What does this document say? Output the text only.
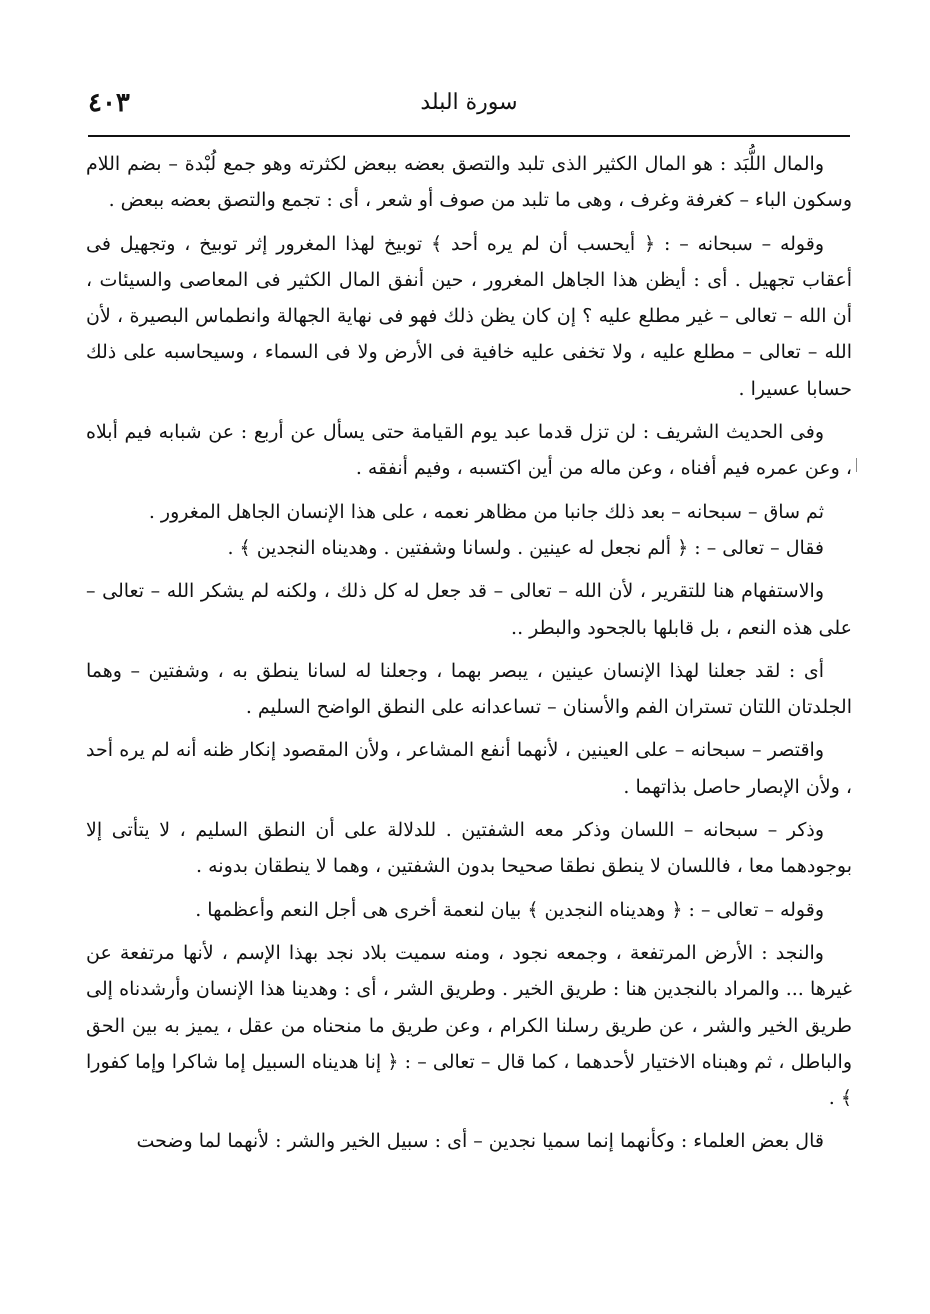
٤٠٣	سورة البلد

والمال اللُّبَد : هو المال الكثير الذى تلبد والتصق بعضه ببعض لكثرته وهو جمع لُبْدة – بضم اللام وسكون الباء – كغرفة وغرف ، وهى ما تلبد من صوف أو شعر ، أى : تجمع والتصق بعضه ببعض .

وقوله – سبحانه – : ﴿ أيحسب أن لم يره أحد ﴾ توبيخ لهذا المغرور إثر توبيخ ، وتجهيل فى أعقاب تجهيل . أى : أيظن هذا الجاهل المغرور ، حين أنفق المال الكثير فى المعاصى والسيئات ، أن الله – تعالى – غير مطلع عليه ؟ إن كان يظن ذلك فهو فى نهاية الجهالة وانطماس البصيرة ، لأن الله – تعالى – مطلع عليه ، ولا تخفى عليه خافية فى الأرض ولا فى السماء ، وسيحاسبه على ذلك حسابا عسيرا .

وفى الحديث الشريف : لن تزل قدما عبد يوم القيامة حتى يسأل عن أربع : عن شبابه فيم أبلاه ، وعن عمره فيم أفناه ، وعن ماله من أين اكتسبه ، وفيم أنفقه .

ثم ساق – سبحانه – بعد ذلك جانبا من مظاهر نعمه ، على هذا الإنسان الجاهل المغرور .

فقال – تعالى – : ﴿ ألم نجعل له عينين . ولسانا وشفتين . وهديناه النجدين ﴾ .

والاستفهام هنا للتقرير ، لأن الله – تعالى – قد جعل له كل ذلك ، ولكنه لم يشكر الله – تعالى – على هذه النعم ، بل قابلها بالجحود والبطر ..

أى : لقد جعلنا لهذا الإنسان عينين ، يبصر بهما ، وجعلنا له لسانا ينطق به ، وشفتين – وهما الجلدتان اللتان تستران الفم والأسنان – تساعدانه على النطق الواضح السليم .

واقتصر – سبحانه – على العينين ، لأنهما أنفع المشاعر ، ولأن المقصود إنكار ظنه أنه لم يره أحد ، ولأن الإبصار حاصل بذاتهما .

وذكر – سبحانه – اللسان وذكر معه الشفتين . للدلالة على أن النطق السليم ، لا يتأتى إلا بوجودهما معا ، فاللسان لا ينطق نطقا صحيحا بدون الشفتين ، وهما لا ينطقان بدونه .

وقوله – تعالى – : ﴿ وهديناه النجدين ﴾ بيان لنعمة أخرى هى أجل النعم وأعظمها .

والنجد : الأرض المرتفعة ، وجمعه نجود ، ومنه سميت بلاد نجد بهذا الإسم ، لأنها مرتفعة عن غيرها ... والمراد بالنجدين هنا : طريق الخير . وطريق الشر ، أى : وهدينا هذا الإنسان وأرشدناه إلى طريق الخير والشر ، عن طريق رسلنا الكرام ، وعن طريق ما منحناه من عقل ، يميز به بين الحق والباطل ، ثم وهبناه الاختيار لأحدهما ، كما قال – تعالى – : ﴿ إنا هديناه السبيل إما شاكرا وإما كفورا ﴾ .

قال بعض العلماء : وكأنهما إنما سميا نجدين – أى : سبيل الخير والشر : لأنهما لما وضحت
